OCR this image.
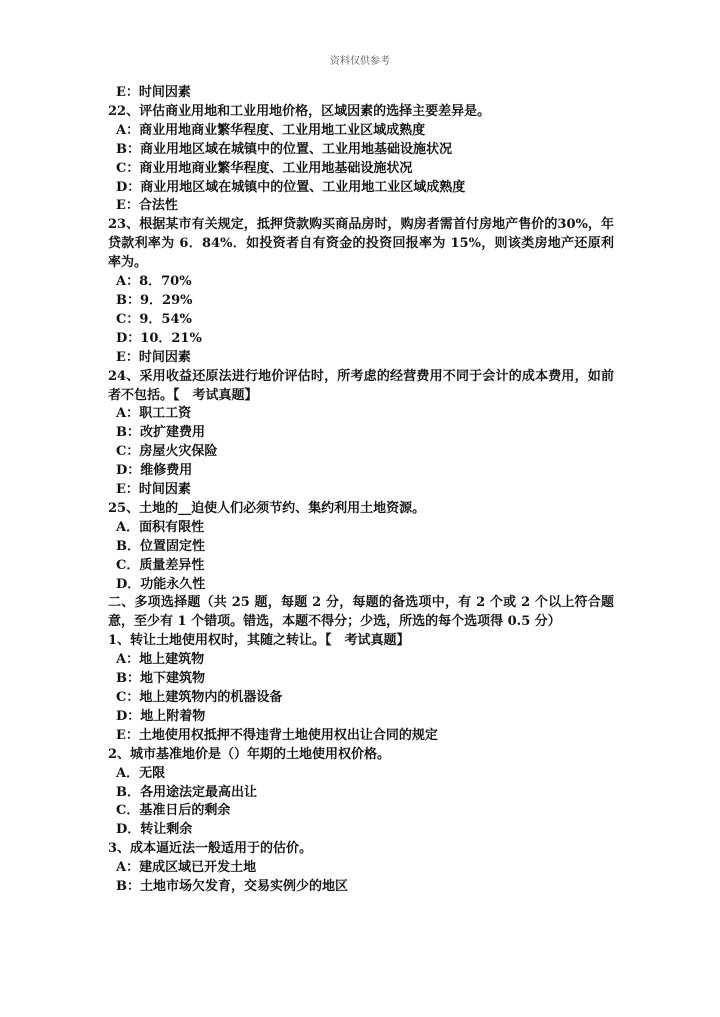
资料仅供参考

E：时间因素

22、评估商业用地和工业用地价格，区域因素的选择主要差异是。

A：商业用地商业繁华程度、工业用地工业区域成熟度

B：商业用地区域在城镇中的位置、工业用地基础设施状况

C：商业用地商业繁华程度、工业用地基础设施状况

D：商业用地区域在城镇中的位置、工业用地工业区域成熟度

E：合法性

23、根据某市有关规定，抵押贷款购买商品房时，购房者需首付房地产售价的30%，年贷款利率为 6．84%．如投资者自有资金的投资回报率为 15%，则该类房地产还原利率为。

A：8．70%

B：9．29%

C：9．54%

D：10．21%

E：时间因素

24、采用收益还原法进行地价评估时，所考虑的经营费用不同于会计的成本费用，如前者不包括。【　考试真题】

A：职工工资

B：改扩建费用

C：房屋火灾保险

D：维修费用

E：时间因素

25、土地的__迫使人们必须节约、集约利用土地资源。

A．面积有限性

B．位置固定性

C．质量差异性

D．功能永久性

二、多项选择题（共 25 题，每题 2 分，每题的备选项中，有 2 个或 2 个以上符合题意，至少有 1 个错项。错选，本题不得分；少选，所选的每个选项得 0.5 分）

1、转让土地使用权时，其随之转让。【　考试真题】

A：地上建筑物

B：地下建筑物

C：地上建筑物内的机器设备

D：地上附着物

E：土地使用权抵押不得违背土地使用权出让合同的规定

2、城市基准地价是（）年期的土地使用权价格。

A．无限

B．各用途法定最高出让

C．基准日后的剩余

D．转让剩余

3、成本逼近法一般适用于的估价。

A：建成区域已开发土地

B：土地市场欠发育，交易实例少的地区
